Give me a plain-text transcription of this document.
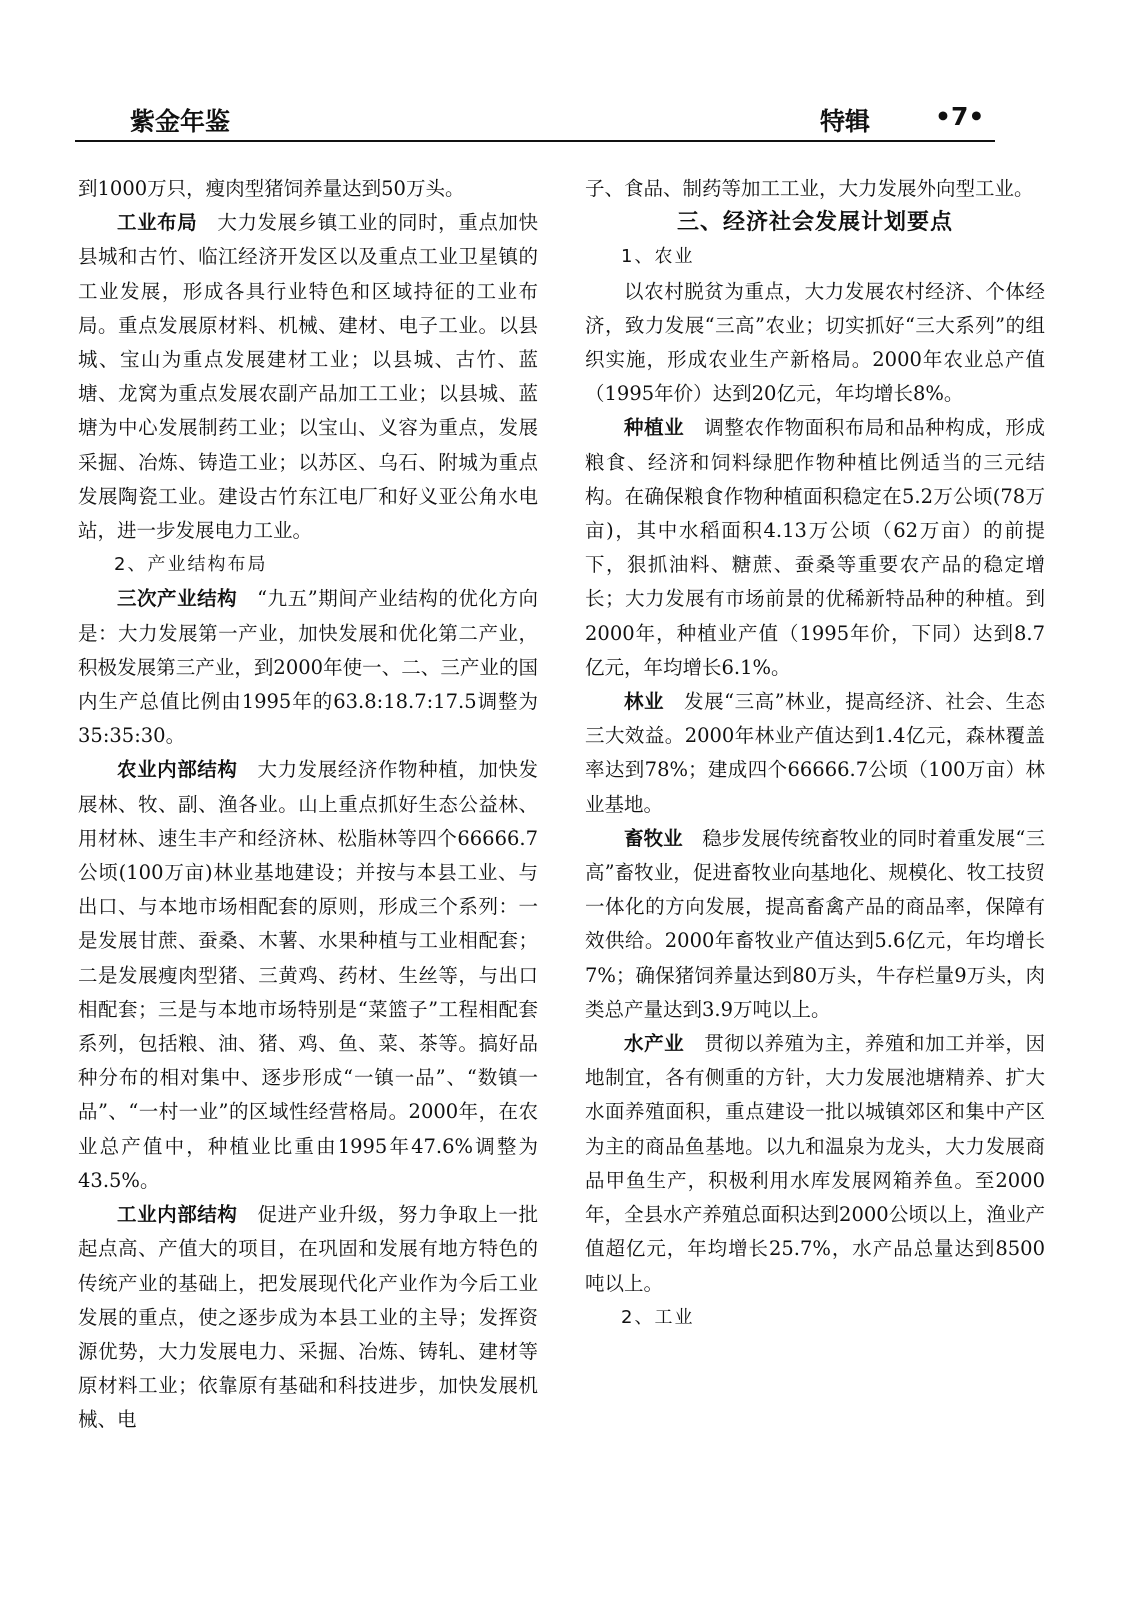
紫金年鉴	特辑	•7•

到1000万只，瘦肉型猪饲养量达到50万头。

工业布局　大力发展乡镇工业的同时，重点加快县城和古竹、临江经济开发区以及重点工业卫星镇的工业发展，形成各具行业特色和区域持征的工业布局。重点发展原材料、机械、建材、电子工业。以县城、宝山为重点发展建材工业；以县城、古竹、蓝塘、龙窝为重点发展农副产品加工工业；以县城、蓝塘为中心发展制药工业；以宝山、义容为重点，发展采掘、冶炼、铸造工业；以苏区、乌石、附城为重点发展陶瓷工业。建设古竹东江电厂和好义亚公角水电站，进一步发展电力工业。

2、产业结构布局

三次产业结构　“九五”期间产业结构的优化方向是：大力发展第一产业，加快发展和优化第二产业，积极发展第三产业，到2000年使一、二、三产业的国内生产总值比例由1995年的63.8:18.7:17.5调整为35:35:30。

农业内部结构　大力发展经济作物种植，加快发展林、牧、副、渔各业。山上重点抓好生态公益林、用材林、速生丰产和经济林、松脂林等四个66666.7公顷(100万亩)林业基地建设；并按与本县工业、与出口、与本地市场相配套的原则，形成三个系列：一是发展甘蔗、蚕桑、木薯、水果种植与工业相配套；二是发展瘦肉型猪、三黄鸡、药材、生丝等，与出口相配套；三是与本地市场特别是“菜篮子”工程相配套系列，包括粮、油、猪、鸡、鱼、菜、茶等。搞好品种分布的相对集中、逐步形成“一镇一品”、“数镇一品”、“一村一业”的区域性经营格局。2000年，在农业总产值中，种植业比重由1995年47.6%调整为43.5%。

工业内部结构　促进产业升级，努力争取上一批起点高、产值大的项目，在巩固和发展有地方特色的传统产业的基础上，把发展现代化产业作为今后工业发展的重点，使之逐步成为本县工业的主导；发挥资源优势，大力发展电力、采掘、冶炼、铸轧、建材等原材料工业；依靠原有基础和科技进步，加快发展机械、电

子、食品、制药等加工工业，大力发展外向型工业。

三、经济社会发展计划要点

1、农业

以农村脱贫为重点，大力发展农村经济、个体经济，致力发展“三高”农业；切实抓好“三大系列”的组织实施，形成农业生产新格局。2000年农业总产值（1995年价）达到20亿元，年均增长8%。

种植业　调整农作物面积布局和品种构成，形成粮食、经济和饲料绿肥作物种植比例适当的三元结构。在确保粮食作物种植面积稳定在5.2万公顷(78万亩)，其中水稻面积4.13万公顷（62万亩）的前提下，狠抓油料、糖蔗、蚕桑等重要农产品的稳定增长；大力发展有市场前景的优稀新特品种的种植。到2000年，种植业产值（1995年价，下同）达到8.7亿元，年均增长6.1%。

林业　发展“三高”林业，提高经济、社会、生态三大效益。2000年林业产值达到1.4亿元，森林覆盖率达到78%；建成四个66666.7公顷（100万亩）林业基地。

畜牧业　稳步发展传统畜牧业的同时着重发展“三高”畜牧业，促进畜牧业向基地化、规模化、牧工技贸一体化的方向发展，提高畜禽产品的商品率，保障有效供给。2000年畜牧业产值达到5.6亿元，年均增长7%；确保猪饲养量达到80万头，牛存栏量9万头，肉类总产量达到3.9万吨以上。

水产业　贯彻以养殖为主，养殖和加工并举，因地制宜，各有侧重的方针，大力发展池塘精养、扩大水面养殖面积，重点建设一批以城镇郊区和集中产区为主的商品鱼基地。以九和温泉为龙头，大力发展商品甲鱼生产，积极利用水库发展网箱养鱼。至2000年，全县水产养殖总面积达到2000公顷以上，渔业产值超亿元，年均增长25.7%，水产品总量达到8500吨以上。

2、工业
